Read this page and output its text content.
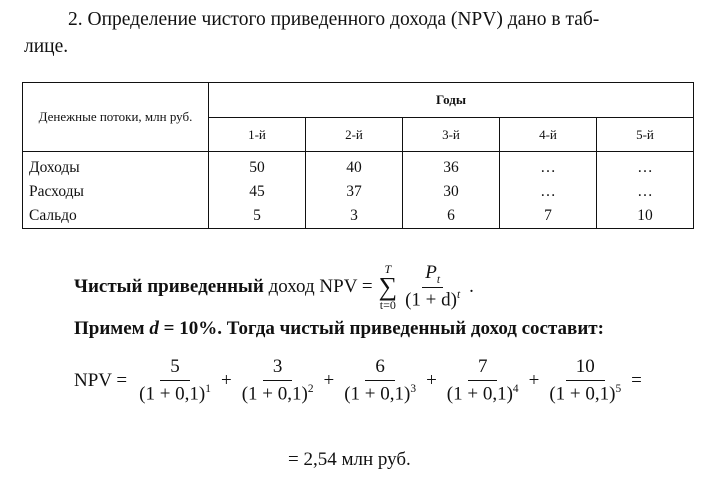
2. Определение чистого приведенного дохода (NPV) дано в таб-
лице.

Денежные потоки, млн руб.	Годы				
	1-й	2-й	3-й	4-й	5-й
Доходы	50	40	36	…	…
Расходы	45	37	30	…	…
Сальдо	5	3	6	7	10
Чистый приведенный доход NPV =
T
∑
$t=0 \frac{P_t}{(1 + d)^t}$ .

Примем d = 10%. Тогда чистый приведенный доход составит:

NPV = $\frac{5}{(1 + 0,1)^1} + \frac{3}{(1 + 0,1)^2} + \frac{6}{(1 + 0,1)^3} + \frac{7}{(1 + 0,1)^4} + \frac{10}{(1 + 0,1)^5}$ =

= 2,54 млн руб.
